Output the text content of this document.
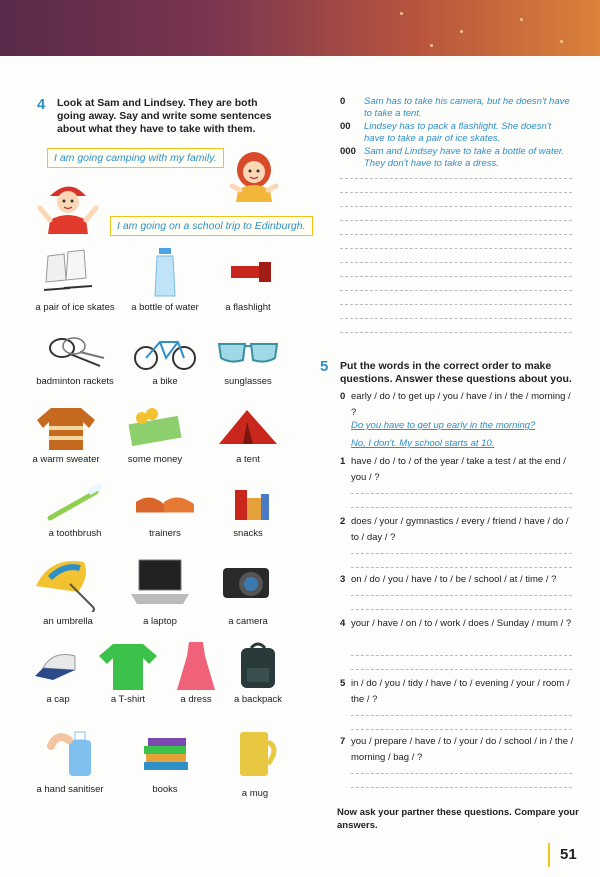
4 Look at Sam and Lindsey. They are both going away. Say and write some sentences about what they have to take with them.
I am going camping with my family.
I am going on a school trip to Edinburgh.
a pair of ice skates	a bottle of water	a flashlight
badminton rackets	a bike	sunglasses
a warm sweater	some money	a tent
a toothbrush	trainers	snacks
an umbrella	a laptop	a camera
a cap	a T-shirt	a dress	a backpack
a hand sanitiser	books	a mug
0 Sam has to take his camera, but he doesn't have to take a tent.
00 Lindsey has to pack a flashlight. She doesn't have to take a pair of ice skates.
000 Sam and Lindsey have to take a bottle of water. They don't have to take a dress.
5 Put the words in the correct order to make questions. Answer these questions about you.
0 early / do / to get up / you / have / in / the / morning / ?
Do you have to get up early in the morning?
No, I don't. My school starts at 10.
1 have / do / to / of the year / take a test / at the end / you / ?
2 does / your / gymnastics / every / friend / have / do / to / day / ?
3 on / do / you / have / to / be / school / at / time / ?
4 your / have / on / to / work / does / Sunday / mum / ?
5 in / do / you / tidy / have / to / evening / your / room / the / ?
7 you / prepare / have / to / your / do / school / in / the / morning / bag / ?
Now ask your partner these questions. Compare your answers.
51
